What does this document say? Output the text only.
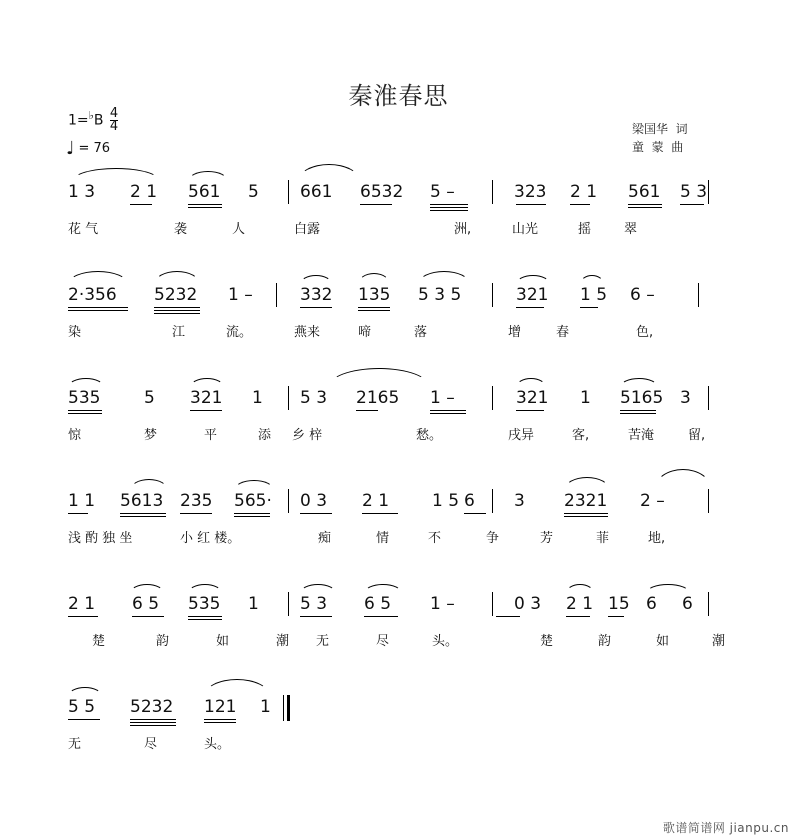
秦淮春思
$1=^♭B \frac{4}{4}$
♩ = 76
梁国华  词
童  蒙  曲
1 3 2 1 561 5 661 6532 5 –	323 2 1 561 5 3
花 气	袭	人	白露	洲,	山光	摇	翠
2·356 5232 1 –	332 135 5 3 5	321 1 5 6 –
染	江	流。	燕来	啼	落	增	春	色,
535	5 321 1 5 3 2165 1 –	321 1 5165 3
惊	梦	平	添 乡 梓	愁。	戌异	客,	苦淹	留,
1 1 5613 235 565· 0 3 2 1	1 5 6 3 2321 2 –
浅 酌 独 坐	小 红 楼。	痴	情	不	争	芳	菲	地,
2 1 6 5 535 1 5 3 6 5 1 –	0 3 2 1 15 6 6
楚	韵	如	潮 无	尽	头。	楚	韵	如	潮
5 5 5232 121 1
无	尽	头。
歌谱简谱网 jianpu.cn
